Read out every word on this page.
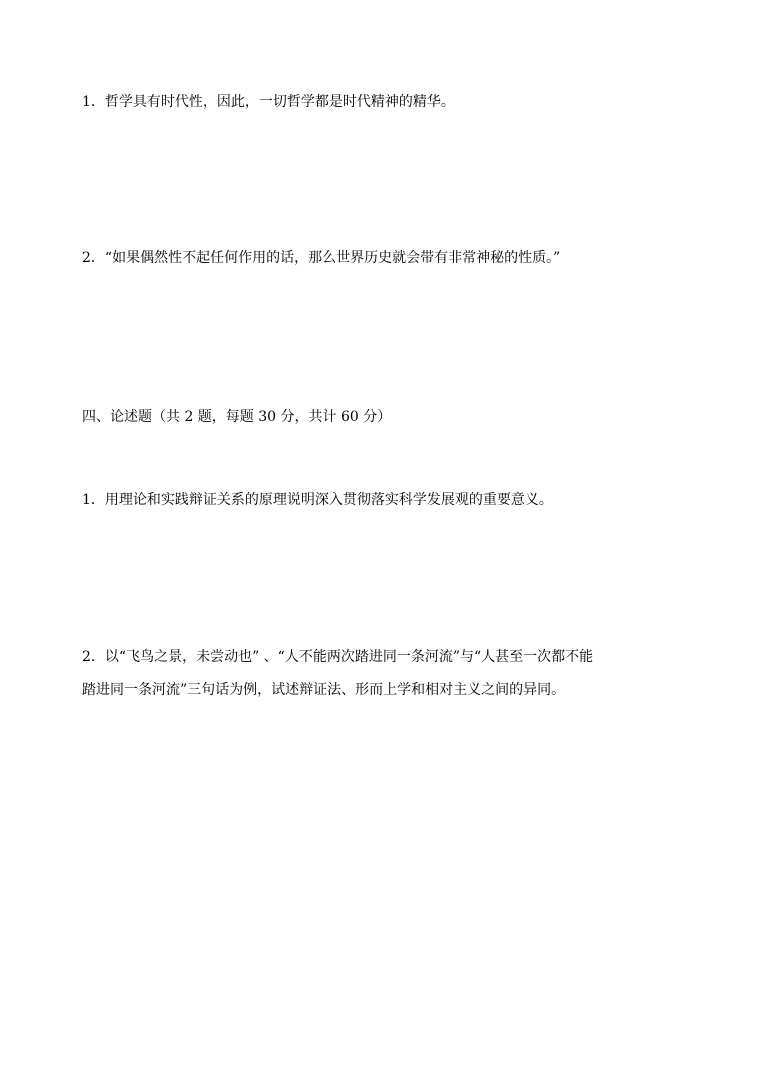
1．哲学具有时代性，因此，一切哲学都是时代精神的精华。

2．“如果偶然性不起任何作用的话，那么世界历史就会带有非常神秘的性质。”

四、论述题（共 2 题，每题 30 分，共计 60 分）

1．用理论和实践辩证关系的原理说明深入贯彻落实科学发展观的重要意义。

2．以“飞鸟之景，未尝动也” 、“人不能两次踏进同一条河流”与“人甚至一次都不能

踏进同一条河流”三句话为例，试述辩证法、形而上学和相对主义之间的异同。
